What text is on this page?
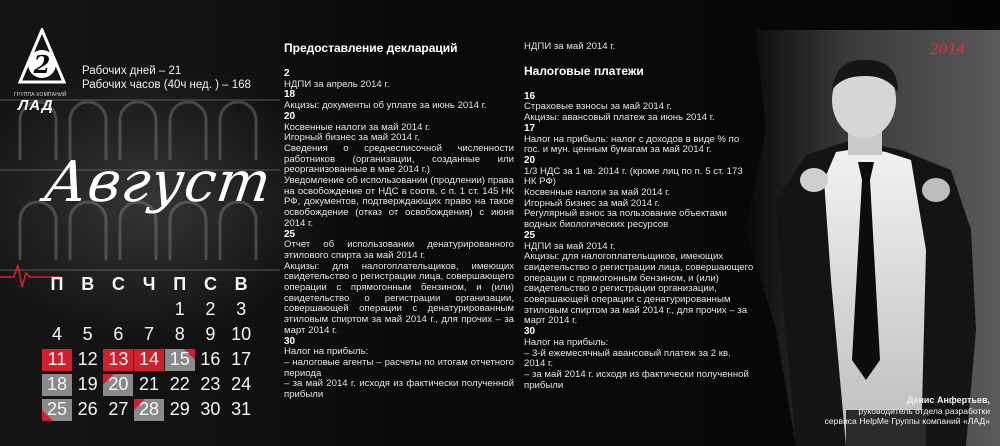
2
ГРУППА КОМПАНИЙ
ЛАД
Рабочих дней – 21
Рабочих часов (40ч нед. ) – 168
Август
П В С Ч П С В
1 2 3
4 5 6 7 8 9 10
11 12 13 14 15 16 17
18 19 20 21 22 23 24
25 26 27 28 29 30 31
Предоставление деклараций
2
НДПИ за апрель 2014 г.
18
Акцизы: документы об уплате за июнь 2014 г.
20
Косвенные налоги за май 2014 г.
Игорный бизнес за май 2014 г.
Сведения о среднесписочной численности работников (организации, созданные или реорганизованные в мае 2014 г.)
Уведомление об использовании (продлении) права на освобождение от НДС в соотв. с п. 1 ст. 145 НК РФ, документов, подтверждающих право на такое освобождение (отказ от освобождения) с июня 2014 г.
25
Отчет об использовании денатурированного этилового спирта за май 2014 г.
Акцизы: для налогоплательщиков, имеющих свидетельство о регистрации лица, совершающего операции с прямогонным бензином, и (или) свидетельство о регистрации организации, совершающей операции с денатурированным этиловым спиртом за май 2014 г., для прочих – за март 2014 г.
30
Налог на прибыль:
– налоговые агенты – расчеты по итогам отчетного периода
– за май 2014 г. исходя из фактически полученной прибыли
НДПИ за май 2014 г.
Налоговые платежи
16
Страховые взносы за май 2014 г.
Акцизы: авансовый платеж за июнь 2014 г.
17
Налог на прибыль: налог с доходов в виде % по гос. и мун. ценным бумагам за май 2014 г.
20
1/3 НДС за 1 кв. 2014 г. (кроме лиц по п. 5 ст. 173 НК РФ)
Косвенные налоги за май 2014 г.
Игорный бизнес за май 2014 г.
Регулярный взнос за пользование объектами водных биологических ресурсов
25
НДПИ за май 2014 г.
Акцизы: для налогоплательщиков, имеющих свидетельство о регистрации лица, совершающего операции с прямогонным бензином, и (или) свидетельство о регистрации организации, совершающей операции с денатурированным этиловым спиртом за май 2014 г., для прочих – за март 2014 г.
30
Налог на прибыль:
– 3-й ежемесячный авансовый платеж за 2 кв. 2014 г.
– за май 2014 г. исходя из фактически полученной прибыли
2014
Денис Анфертьев,
руководитель отдела разработки
сервиса HelpMe Группы компаний «ЛАД»
